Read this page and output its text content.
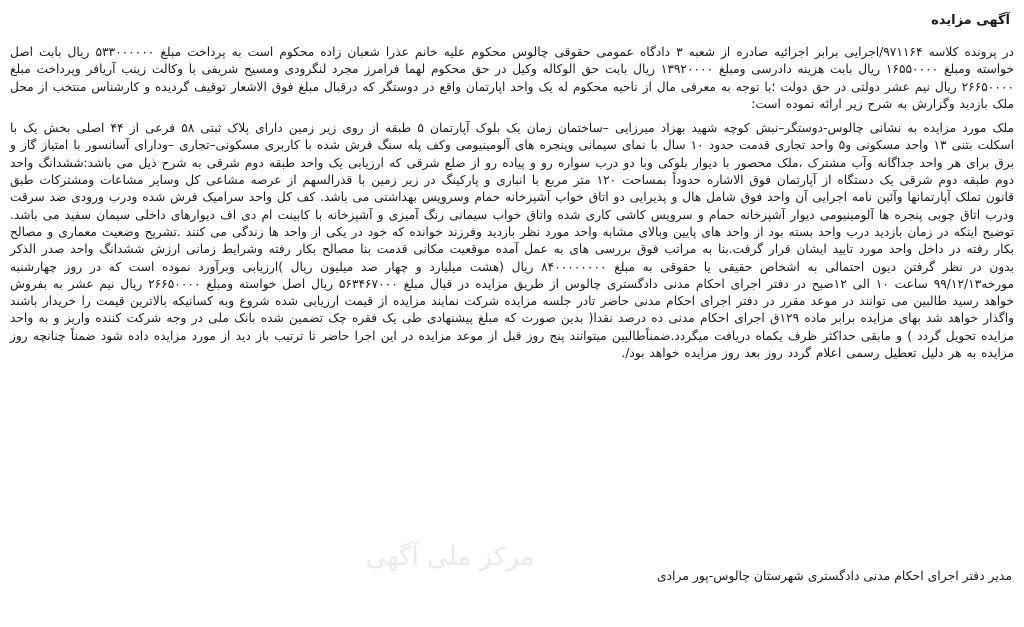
آگهی مزایده

در پرونده کلاسه ۹۷۱۱۶۴/اجرایی برابر اجرائیه صادره از شعبه ۳ دادگاه عمومی حقوقی چالوس محکوم علیه خانم عذرا شعبان زاده محکوم است به پرداخت مبلغ ۵۳۳۰۰۰۰۰۰ ریال بابت اصل خواسته ومبلغ ۱۶۵۵۰۰۰۰ ریال بابت هزینه دادرسی ومبلغ ۱۳۹۲۰۰۰۰ ریال بابت حق الوکاله وکیل در حق محکوم لهما فرامرز مجرد لنگرودی ومسیح شریفی با وکالت زینب آریافر وپرداخت مبلغ ۲۶۶۵۰۰۰۰ ریال نیم عشر دولتی در حق دولت ؛با توجه به معرفی مال از ناحیه محکوم له یک واحد اپارتمان واقع در دوستگر که درقبال مبلغ فوق الاشعار توقیف گردیده و کارشناس منتخب از محل ملک بازدید وگزارش به شرح زیر ارائه نموده است:

ملک مورد مزایده به نشانی چالوس-دوستگر–نبش کوچه شهید بهزاد میرزایی –ساختمان زمان یک بلوک آپارتمان ۵ طبقه از روی زیر زمین دارای پلاک ثبتی ۵۸ فرعی از ۴۴ اصلی بخش یک با اسکلت بتنی ۱۳ واحد مسکونی و۵ واحد تجاری قدمت حدود ۱۰ سال با نمای سیمانی وپنجره های آلومینیومی وکف پله سنگ فرش شده با کاربری مسکونی–تجاری –ودارای آسانسور با امتیاز گاز و برق برای هر واحد جداگانه وآب مشترک ،ملک محصور با دیوار بلوکی وبا دو درب سواره رو و پیاده رو از ضلع شرقی که ارزیابی یک واحد طبقه دوم شرقی به شرح ذیل می باشد:ششدانگ واحد دوم طبقه دوم شرقی یک دستگاه از آپارتمان فوق الاشاره حدوداً بمساحت ۱۲۰ متر مربع با انباری و پارکینگ در زیر زمین با قدرالسهم از عرصه مشاعی کل وسایر مشاعات ومشترکات طبق قانون تملک آپارتمانها وآئین نامه اجرایی آن واحد فوق شامل هال و پذیرایی دو اتاق خواب آشپزخانه حمام وسرویس بهداشتی می باشد. کف کل واحد سرامیک فرش شده ودرب ورودی ضد سرقت ودرب اتاق چوبی پنجره ها آلومینیومی دیوار آشپزخانه حمام و سرویس کاشی کاری شده واتاق خواب سیمانی رنگ آمیزی و آشپزخانه با کابینت ام دی اف دیوارهای داخلی سیمان سفید می باشد. توضیح اینکه در زمان بازدید درب واحد بسته بود از واحد های پایین وبالای مشابه واحد مورد نظر بازدید وفرزند خوانده که خود در یکی از واحد ها زندگی می کنند .تشریح وضعیت معماری و مصالح بکار رفته در داخل واحد مورد تایید ایشان قرار گرفت.بنا به مراتب فوق بررسی های به عمل آمده موقعیت مکانی قدمت بنا مصالح بکار رفته وشرایط زمانی ارزش ششدانگ واحد صدر الذکر بدون در نظر گرفتن دیون احتمالی به اشخاص حقیقی یا حقوقی به مبلغ ۸۴۰۰۰۰۰۰۰۰ ریال (هشت میلیارد و چهار صد میلیون ریال )ارزیابی وبرآورد نموده است که در روز چهارشنبه مورخه۹۹/۱۲/۱۳ ساعت ۱۰ الی ۱۲صبح در دفتر اجرای احکام مدنی دادگستری چالوس از طریق مزایده در قبال مبلغ ۵۶۳۴۶۷۰۰۰ ریال اصل خواسته ومبلغ ۲۶۶۵۰۰۰۰ ریال نیم عشر به بفروش خواهد رسید طالبین می توانند در موعد مقرر در دفتر اجرای احکام مدنی حاضر تادر جلسه مزایده شرکت نمایند مزایده از قیمت ارزیابی شده شروع وبه کسانیکه بالاترین قیمت را خریدار باشند واگذار خواهد شد بهای مزایده برابر ماده ۱۲۹ق اجرای احکام مدنی ده درصد نقدا( بدین صورت که مبلغ پیشنهادی طی یک فقره چک تضمین شده بانک ملی در وجه شرکت کننده واریز و به واحد مزایده تحویل گردد ) و مابقی حداکثر ظرف یکماه دریافت میگردد.ضمناًطالبین میتوانند پنج روز قبل از موعد مزایده در این اجرا حاضر تا ترتیب باز دید از مورد مزایده داده شود ضمناً چنانچه روز مزایده به هر دلیل تعطیل رسمی اعلام گردد روز بعد روز مزایده خواهد بود/.

مرکز ملی آگهی
مدیر دفتر اجرای احکام مدنی دادگستری شهرستان چالوس-پور مرادی
